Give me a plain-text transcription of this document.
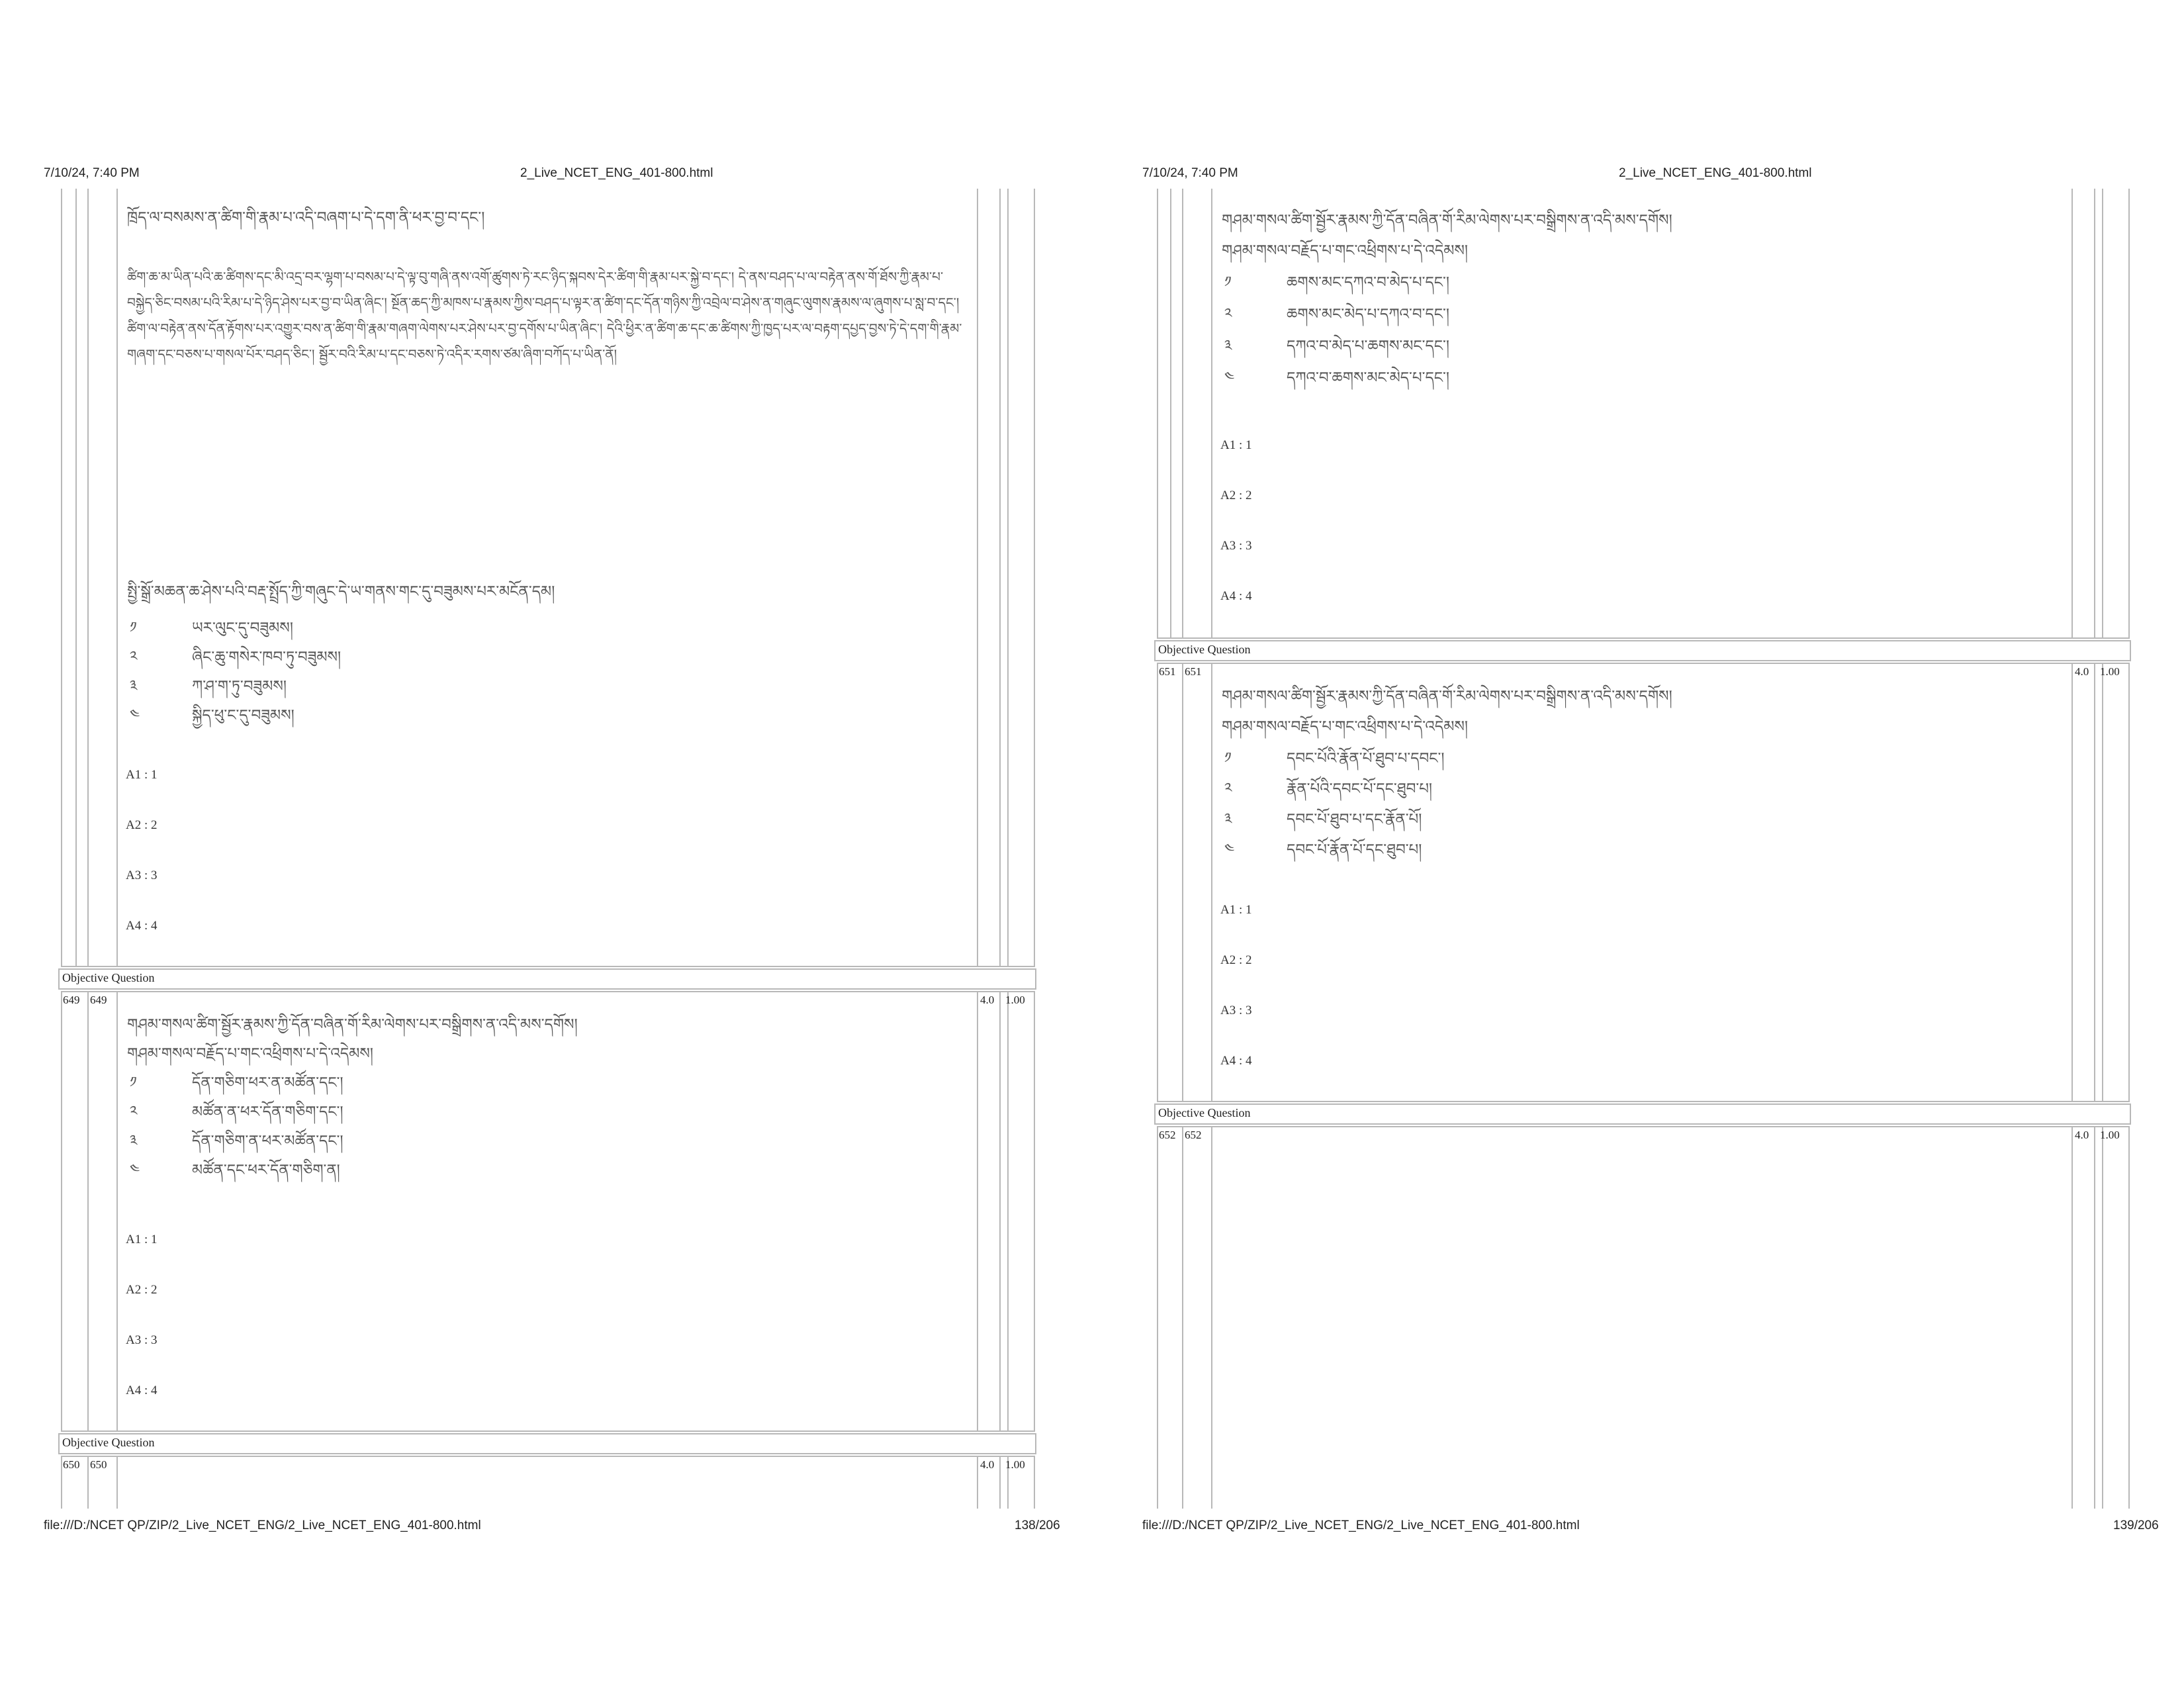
7/10/24, 7:40 PM	2_Live_NCET_ENG_401-800.html
ཁྲོད་ལ་བསམས་ན་ཚིག་གི་རྣམ་པ་འདི་བཞག་པ་དེ་དག་ནི་ཕར་བྱ་བ་དང་།
ཚིག་ཆ་མ་ཡིན་པའི་ཆ་ཚིགས་དང་མི་འདྲ་བར་ལྷག་པ་བསམ་པ་དེ་ལྟ་བུ་གཞི་ནས་འགོ་ཚུགས་ཏེ་རང་ཉིད་སྐབས་དེར་ཚིག་གི་རྣམ་པར་སྐྱེ་བ་དང་། དེ་ནས་བཤད་པ་ལ་བརྟེན་ནས་གོ་ཐོས་ཀྱི་རྣམ་པ་བསྐྱེད་ཅིང་བསམ་པའི་རིམ་པ་དེ་ཉིད་ཤེས་པར་བྱ་བ་ཡིན་ཞིང་། སྔོན་ཆད་ཀྱི་མཁས་པ་རྣམས་ཀྱིས་བཤད་པ་ལྟར་ན་ཚིག་དང་དོན་གཉིས་ཀྱི་འབྲེལ་བ་ཤེས་ན་གཞུང་ལུགས་རྣམས་ལ་ཞུགས་པ་སླ་བ་དང་། ཚིག་ལ་བརྟེན་ནས་དོན་རྟོགས་པར་འགྱུར་བས་ན་ཚིག་གི་རྣམ་གཞག་ལེགས་པར་ཤེས་པར་བྱ་དགོས་པ་ཡིན་ཞིང་། དེའི་ཕྱིར་ན་ཚིག་ཆ་དང་ཆ་ཚིགས་ཀྱི་ཁྱད་པར་ལ་བརྟག་དཔྱད་བྱས་ཏེ་དེ་དག་གི་རྣམ་གཞག་དང་བཅས་པ་གསལ་པོར་བཤད་ཅིང་། སྦྱོར་བའི་རིམ་པ་དང་བཅས་ཏེ་འདིར་རགས་ཙམ་ཞིག་བཀོད་པ་ཡིན་ནོ།
སྤྱི་སྒྲོ་མཆན་ཆ་ཤེས་པའི་བརྡ་སྤྲོད་ཀྱི་གཞུང་དེ་ཡ་གནས་གང་དུ་བཟུམས་པར་མངོན་དམ།
༡	ཡར་ལུང་དུ་བཟུམས།
༢	ཞིང་ཆུ་གསེར་ཁབ་ཏུ་བཟུམས།
༣	ཀ་ཤ་ག་ཏུ་བཟུམས།
༤	སྐྱིད་ཕུ་ང་དུ་བཟུམས།
A1 : 1
A2 : 2
A3 : 3
A4 : 4
Objective Question
649 649	4.0 1.00
གཤམ་གསལ་ཚིག་སྦྱོར་རྣམས་ཀྱི་དོན་བཞིན་གོ་རིམ་ལེགས་པར་བསྒྲིགས་ན་འདི་མས་དགོས།
གཤམ་གསལ་བརྗོད་པ་གང་འཕྲིགས་པ་དེ་འདེམས།
༡	དོན་གཅིག་ཕར་ན་མཚོན་དང་།
༢	མཚོན་ན་ཕར་དོན་གཅིག་དང་།
༣	དོན་གཅིག་ན་ཕར་མཚོན་དང་།
༤	མཚོན་དང་ཕར་དོན་གཅིག་ན།
A1 : 1
A2 : 2
A3 : 3
A4 : 4
Objective Question
650 650	4.0 1.00
file:///D:/NCET QP/ZIP/2_Live_NCET_ENG/2_Live_NCET_ENG_401-800.html	138/206
7/10/24, 7:40 PM	2_Live_NCET_ENG_401-800.html
གཤམ་གསལ་ཚིག་སྦྱོར་རྣམས་ཀྱི་དོན་བཞིན་གོ་རིམ་ལེགས་པར་བསྒྲིགས་ན་འདི་མས་དགོས།
གཤམ་གསལ་བརྗོད་པ་གང་འཕྲིགས་པ་དེ་འདེམས།
༡	ཆགས་མང་དཀའ་བ་མེད་པ་དང་།
༢	ཆགས་མང་མེད་པ་དཀའ་བ་དང་།
༣	དཀའ་བ་མེད་པ་ཆགས་མང་དང་།
༤	དཀའ་བ་ཆགས་མང་མེད་པ་དང་།
A1 : 1
A2 : 2
A3 : 3
A4 : 4
Objective Question
651 651	4.0 1.00
གཤམ་གསལ་ཚིག་སྦྱོར་རྣམས་ཀྱི་དོན་བཞིན་གོ་རིམ་ལེགས་པར་བསྒྲིགས་ན་འདི་མས་དགོས།
གཤམ་གསལ་བརྗོད་པ་གང་འཕྲིགས་པ་དེ་འདེམས།
༡	དབང་པོའི་རྣོན་པོ་ཐུབ་པ་དབང་།
༢	རྣོན་པོའི་དབང་པོ་དང་ཐུབ་པ།
༣	དབང་པོ་ཐུབ་པ་དང་རྣོན་པོ།
༤	དབང་པོ་རྣོན་པོ་དང་ཐུབ་པ།
A1 : 1
A2 : 2
A3 : 3
A4 : 4
Objective Question
652 652	4.0 1.00
file:///D:/NCET QP/ZIP/2_Live_NCET_ENG/2_Live_NCET_ENG_401-800.html	139/206
